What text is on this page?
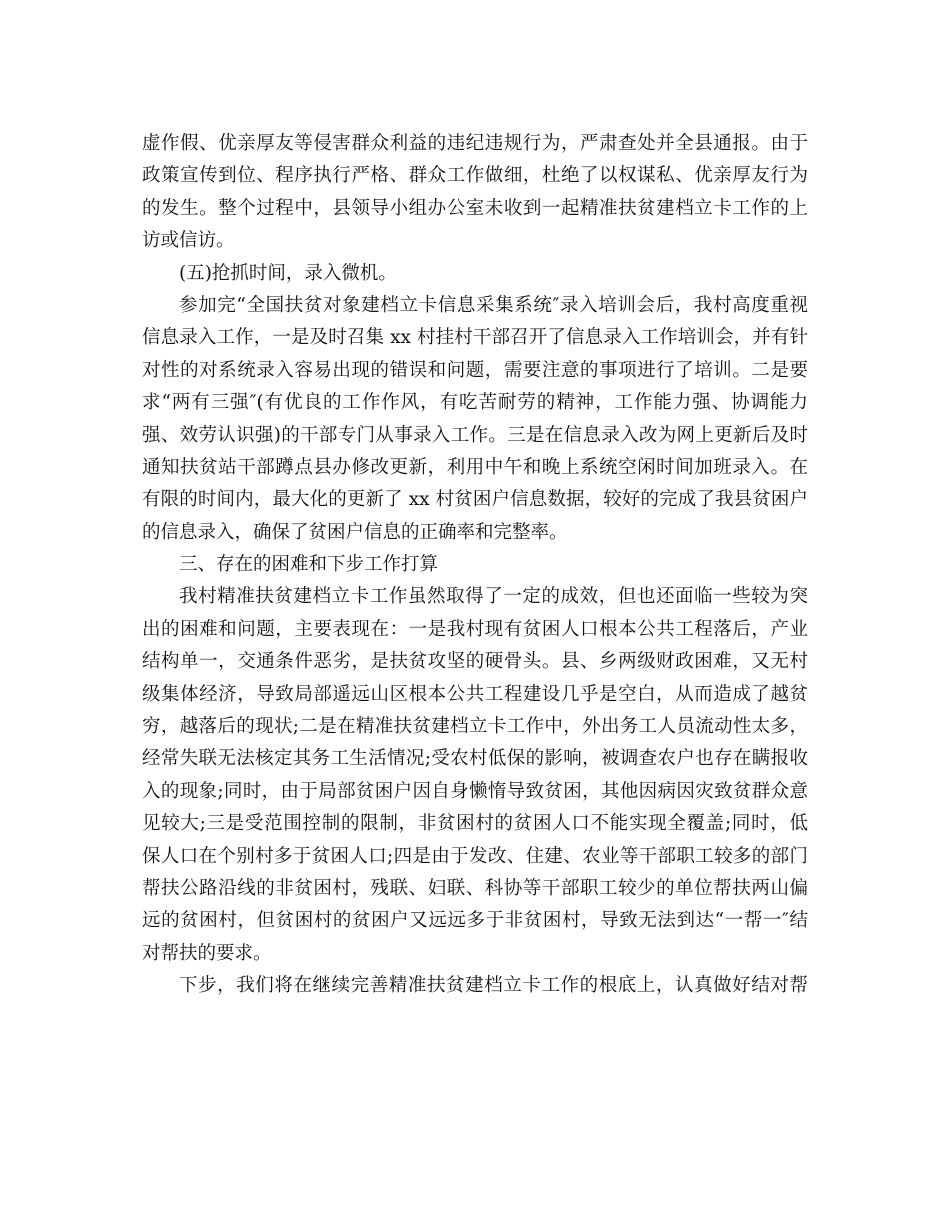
虚作假、优亲厚友等侵害群众利益的违纪违规行为，严肃查处并全县通报。由于
政策宣传到位、程序执行严格、群众工作做细，杜绝了以权谋私、优亲厚友行为
的发生。整个过程中，县领导小组办公室未收到一起精准扶贫建档立卡工作的上
访或信访。
(五)抢抓时间，录入微机。
参加完“全国扶贫对象建档立卡信息采集系统″录入培训会后，我村高度重视
信息录入工作，一是及时召集 xx 村挂村干部召开了信息录入工作培训会，并有针
对性的对系统录入容易出现的错误和问题，需要注意的事项进行了培训。二是要
求“两有三强″(有优良的工作作风，有吃苦耐劳的精神，工作能力强、协调能力
强、效劳认识强)的干部专门从事录入工作。三是在信息录入改为网上更新后及时
通知扶贫站干部蹲点县办修改更新，利用中午和晚上系统空闲时间加班录入。在
有限的时间内，最大化的更新了 xx 村贫困户信息数据，较好的完成了我县贫困户
的信息录入，确保了贫困户信息的正确率和完整率。
三、存在的困难和下步工作打算
我村精准扶贫建档立卡工作虽然取得了一定的成效，但也还面临一些较为突
出的困难和问题，主要表现在：一是我村现有贫困人口根本公共工程落后，产业
结构单一，交通条件恶劣，是扶贫攻坚的硬骨头。县、乡两级财政困难，又无村
级集体经济，导致局部遥远山区根本公共工程建设几乎是空白，从而造成了越贫
穷，越落后的现状;二是在精准扶贫建档立卡工作中，外出务工人员流动性太多，
经常失联无法核定其务工生活情况;受农村低保的影响，被调查农户也存在瞒报收
入的现象;同时，由于局部贫困户因自身懒惰导致贫困，其他因病因灾致贫群众意
见较大;三是受范围控制的限制，非贫困村的贫困人口不能实现全覆盖;同时，低
保人口在个别村多于贫困人口;四是由于发改、住建、农业等干部职工较多的部门
帮扶公路沿线的非贫困村，残联、妇联、科协等干部职工较少的单位帮扶两山偏
远的贫困村，但贫困村的贫困户又远远多于非贫困村，导致无法到达“一帮一″结
对帮扶的要求。
下步，我们将在继续完善精准扶贫建档立卡工作的根底上，认真做好结对帮
